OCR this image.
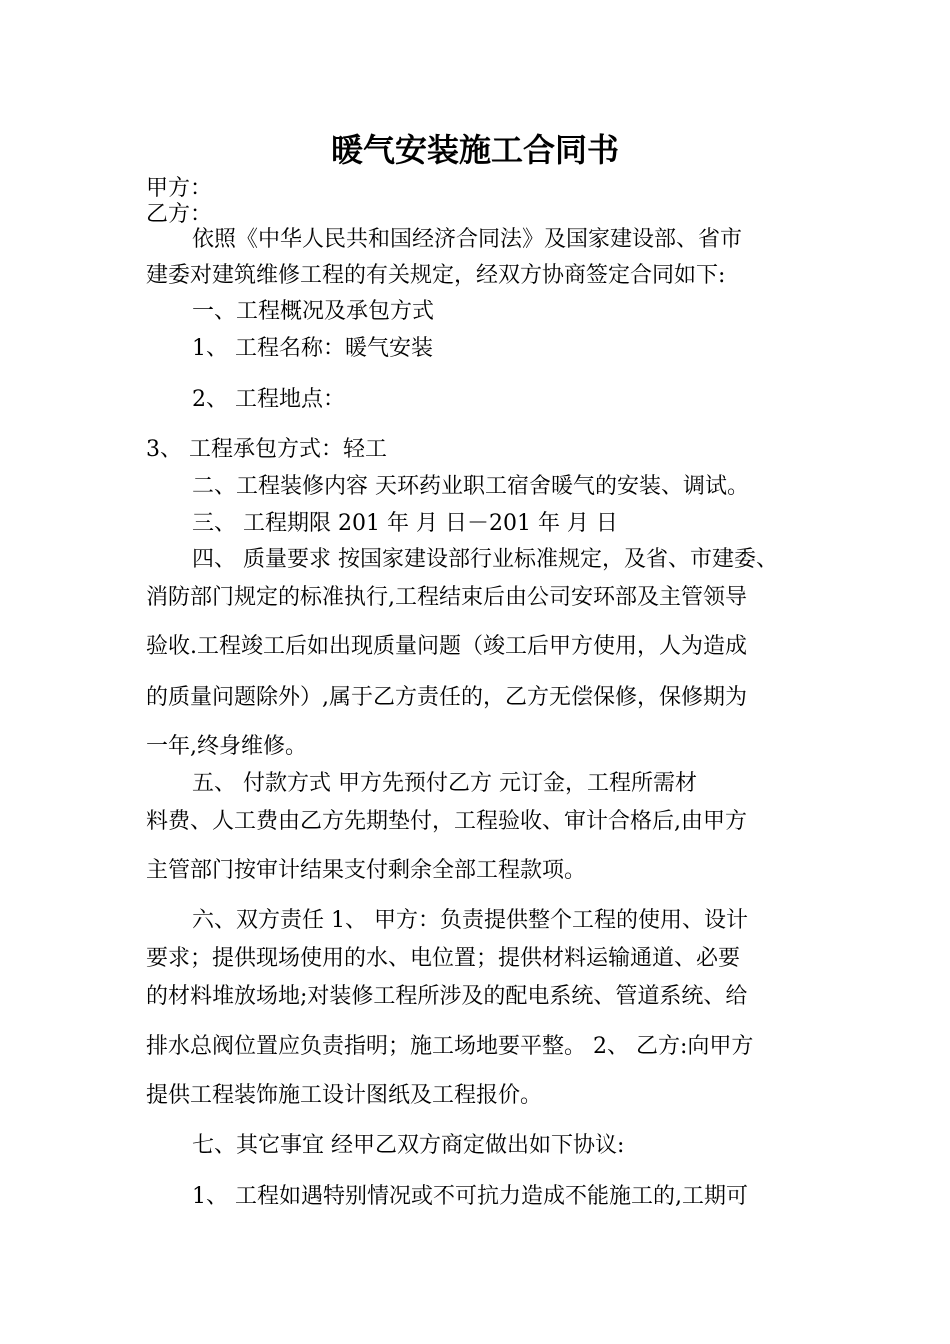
暖气安装施工合同书
甲方：
乙方：
依照《中华人民共和国经济合同法》及国家建设部、省市
建委对建筑维修工程的有关规定，经双方协商签定合同如下:
一、工程概况及承包方式
1、 工程名称：暖气安装
2、 工程地点：
3、 工程承包方式：轻工
二、工程装修内容 天环药业职工宿舍暖气的安装、调试。
三、 工程期限 201 年 月 日－201 年 月 日
四、 质量要求 按国家建设部行业标准规定，及省、市建委、
消防部门规定的标准执行,工程结束后由公司安环部及主管领导
验收.工程竣工后如出现质量问题（竣工后甲方使用，人为造成
的质量问题除外）,属于乙方责任的，乙方无偿保修，保修期为
一年,终身维修。
五、 付款方式 甲方先预付乙方 元订金，工程所需材
料费、人工费由乙方先期垫付，工程验收、审计合格后,由甲方
主管部门按审计结果支付剩余全部工程款项。
六、双方责任 1、 甲方：负责提供整个工程的使用、设计
要求；提供现场使用的水、电位置；提供材料运输通道、必要
的材料堆放场地;对装修工程所涉及的配电系统、管道系统、给
排水总阀位置应负责指明；施工场地要平整。 2、 乙方:向甲方
提供工程装饰施工设计图纸及工程报价。
七、其它事宜 经甲乙双方商定做出如下协议:
1、 工程如遇特别情况或不可抗力造成不能施工的,工期可
